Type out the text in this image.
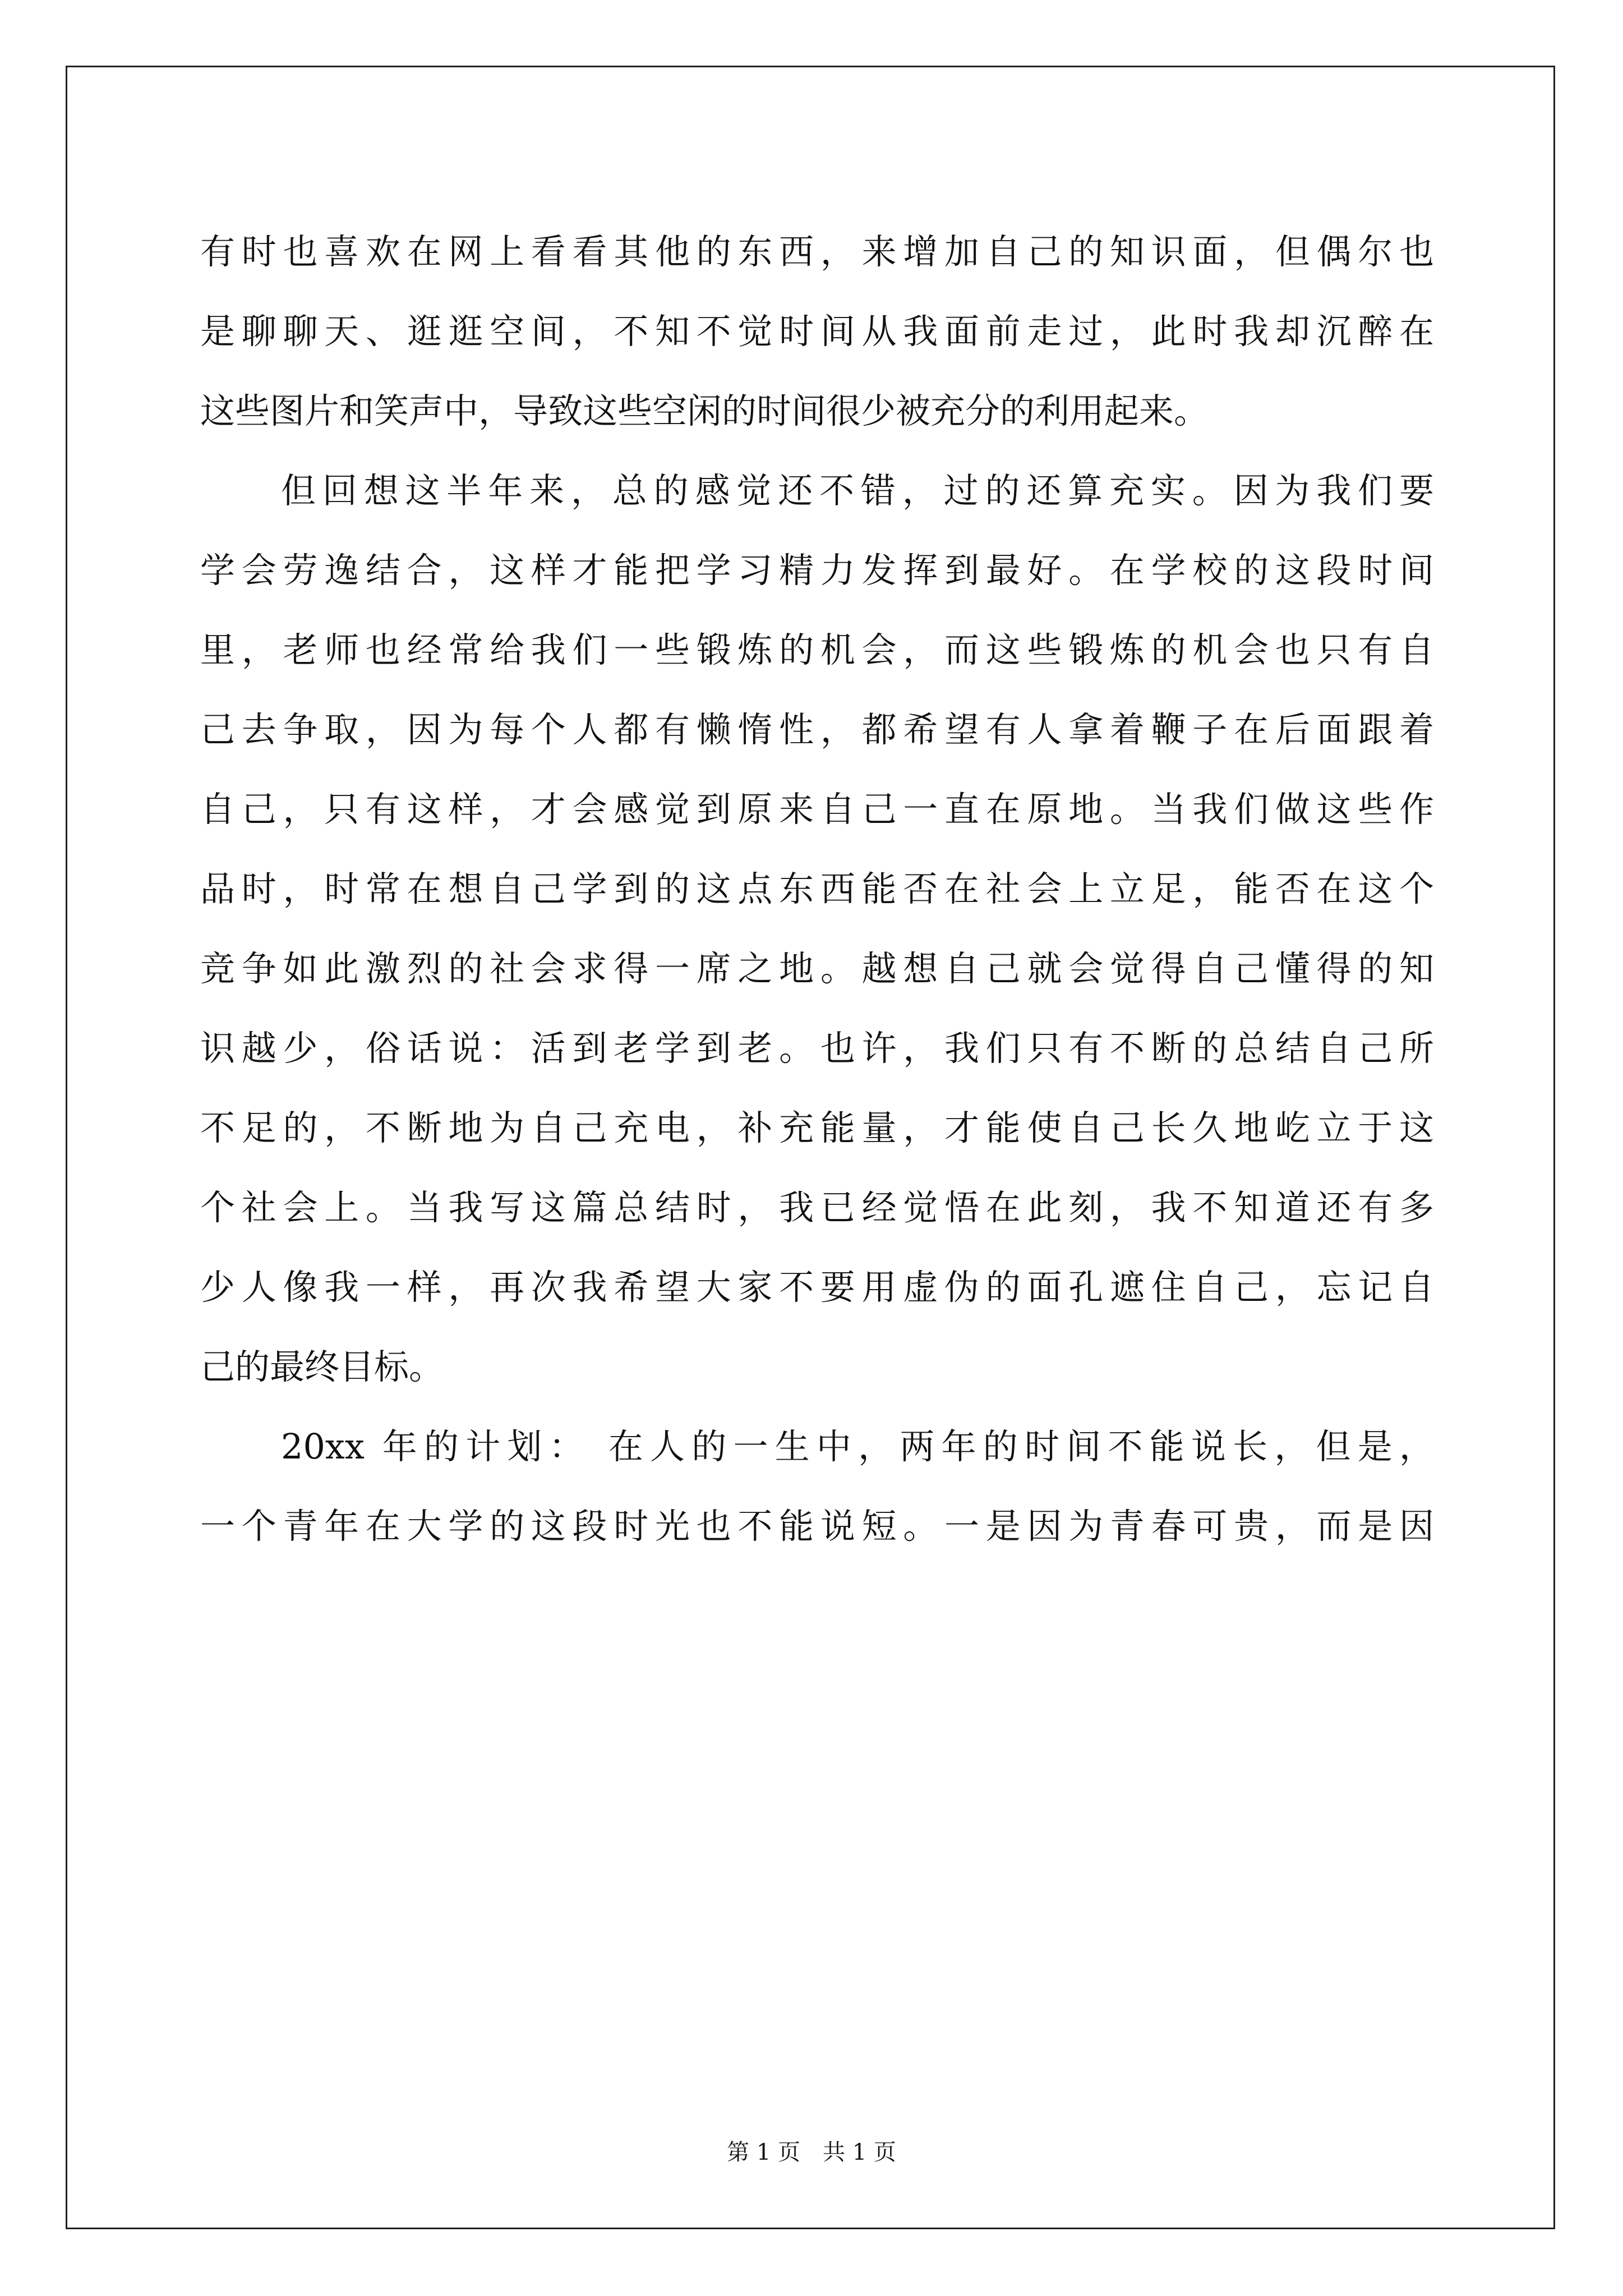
有时也喜欢在网上看看其他的东西，来增加自己的知识面，但偶尔也
是聊聊天、逛逛空间，不知不觉时间从我面前走过，此时我却沉醉在
这些图片和笑声中，导致这些空闲的时间很少被充分的利用起来。
但回想这半年来，总的感觉还不错，过的还算充实。因为我们要
学会劳逸结合，这样才能把学习精力发挥到最好。在学校的这段时间
里，老师也经常给我们一些锻炼的机会，而这些锻炼的机会也只有自
己去争取，因为每个人都有懒惰性，都希望有人拿着鞭子在后面跟着
自己，只有这样，才会感觉到原来自己一直在原地。当我们做这些作
品时，时常在想自己学到的这点东西能否在社会上立足，能否在这个
竞争如此激烈的社会求得一席之地。越想自己就会觉得自己懂得的知
识越少，俗话说：活到老学到老。也许，我们只有不断的总结自己所
不足的，不断地为自己充电，补充能量，才能使自己长久地屹立于这
个社会上。当我写这篇总结时，我已经觉悟在此刻，我不知道还有多
少人像我一样，再次我希望大家不要用虚伪的面孔遮住自己，忘记自
己的最终目标。
20xx 年的计划： 在人的一生中，两年的时间不能说长，但是，
一个青年在大学的这段时光也不能说短。一是因为青春可贵，而是因
第 1 页 共 1 页
